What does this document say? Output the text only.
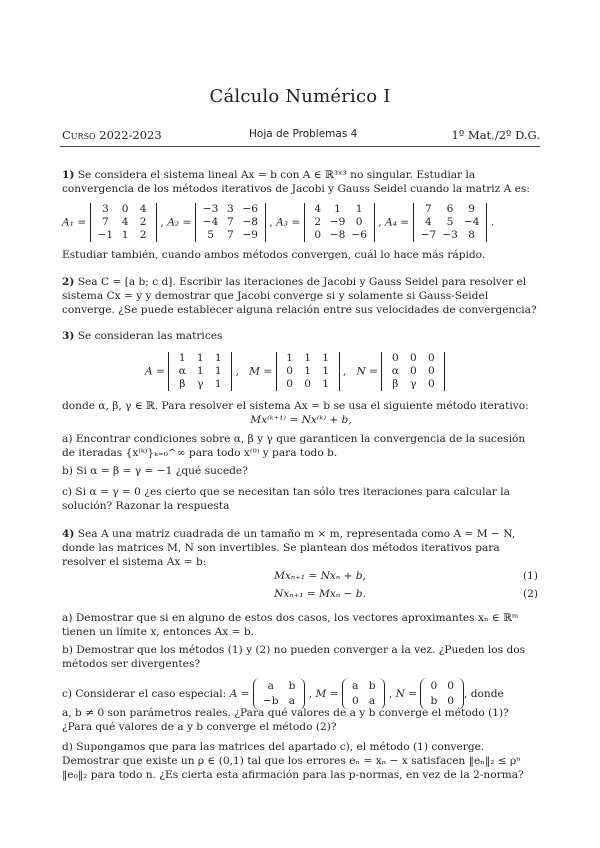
Cálculo Numérico I
Curso 2022-2023	Hoja de Problemas 4	1º Mat./2º D.G.
1) Se considera el sistema lineal Ax = b con A ∈ ℝ³ˣ³ no singular. Estudiar la convergencia de los métodos iterativos de Jacobi y Gauss Seidel cuando la matriz A es:
A₁ =
3	0	4
7	4	2
−1	1	2
, A₂ =
−3	3	−6
−4	7	−8
5	7	−9
, A₃ =
4	1	1
2	−9	0
0	−8	−6
, A₄ =
7	6	9
4	5	−4
−7	−3	8
.
Estudiar también, cuando ambos métodos convergen, cuál lo hace más rápido.
2) Sea C = [a b; c d]. Escribir las iteraciones de Jacobi y Gauss Seidel para resolver el sistema Cx = y y demostrar que Jacobi converge si y solamente si Gauss-Seidel converge. ¿Se puede establecer alguna relación entre sus velocidades de convergencia?
3) Se consideran las matrices
A =
1	1	1
α	1	1
β	γ	1
,   M =
1	1	1
0	1	1
0	0	1
,   N =
0	0	0
α	0	0
β	γ	0
donde α, β, γ ∈ ℝ. Para resolver el sistema Ax = b se usa el siguiente método iterativo:
Mx⁽ᵏ⁺¹⁾ = Nx⁽ᵏ⁾ + b,
a) Encontrar condiciones sobre α, β y γ que garanticen la convergencia de la sucesión de iteradas {x⁽ᵏ⁾}ₖ₌₀^∞ para todo x⁽⁰⁾ y para todo b.
b) Si α = β = γ = −1 ¿qué sucede?
c) Si α = γ = 0 ¿es cierto que se necesitan tan sólo tres iteraciones para calcular la solución? Razonar la respuesta
4) Sea A una matriz cuadrada de un tamaño m × m, representada como A = M − N, donde las matrices M, N son invertibles. Se plantean dos métodos iterativos para resolver el sistema Ax = b:
Mxₙ₊₁ = Nxₙ + b,	(1)
Nxₙ₊₁ = Mxₙ − b.	(2)
a) Demostrar que si en alguno de estos dos casos, los vectores aproximantes xₙ ∈ ℝᵐ tienen un límite x, entonces Ax = b.
b) Demostrar que los métodos (1) y (2) no pueden converger a la vez. ¿Pueden los dos métodos ser divergentes?
c) Considerar el caso especial: A =
a	b
−b	a
, M =
a	b
0	a
, N =
0	0
b	0
, donde
a, b ≠ 0 son parámetros reales. ¿Para qué valores de a y b converge el método (1)? ¿Para qué valores de a y b converge el método (2)?
d) Supongamos que para las matrices del apartado c), el método (1) converge. Demostrar que existe un ρ ∈ (0,1) tal que los errores eₙ = xₙ − x satisfacen ‖eₙ‖₂ ≤ ρⁿ ‖e₀‖₂ para todo n. ¿Es cierta esta afirmación para las p-normas, en vez de la 2-norma?
